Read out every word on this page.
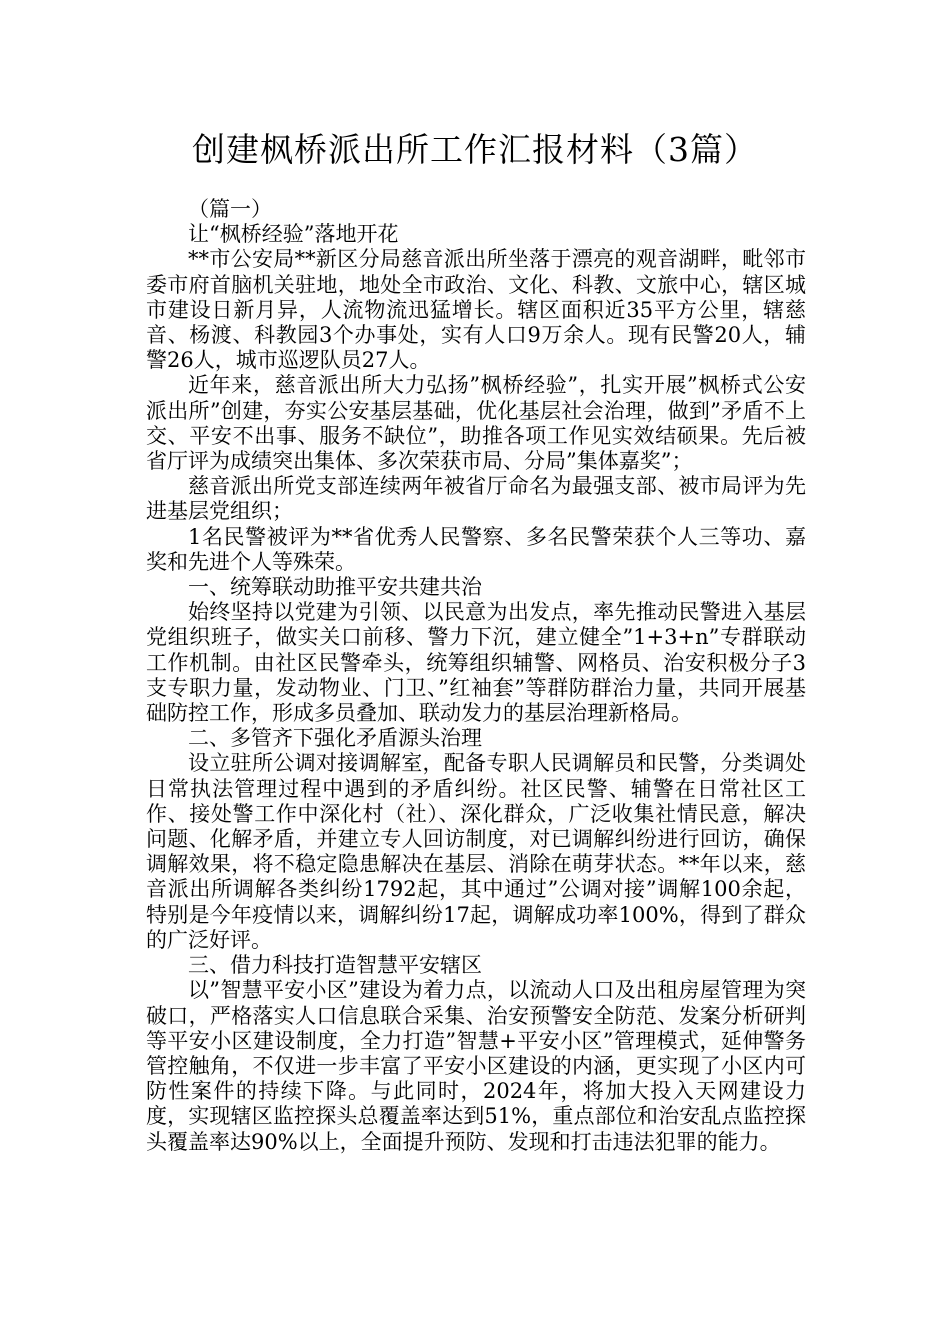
创建枫桥派出所工作汇报材料（3篇）

（篇一）

让“枫桥经验”落地开花

**市公安局**新区分局慈音派出所坐落于漂亮的观音湖畔，毗邻市委市府首脑机关驻地，地处全市政治、文化、科教、文旅中心，辖区城市建设日新月异，人流物流迅猛增长。辖区面积近35平方公里，辖慈音、杨渡、科教园3个办事处，实有人口9万余人。现有民警20人，辅警26人，城市巡逻队员27人。

近年来，慈音派出所大力弘扬”枫桥经验”，扎实开展”枫桥式公安派出所”创建，夯实公安基层基础，优化基层社会治理，做到”矛盾不上交、平安不出事、服务不缺位”，助推各项工作见实效结硕果。先后被省厅评为成绩突出集体、多次荣获市局、分局”集体嘉奖”；

慈音派出所党支部连续两年被省厅命名为最强支部、被市局评为先进基层党组织；

1名民警被评为**省优秀人民警察、多名民警荣获个人三等功、嘉奖和先进个人等殊荣。

一、统筹联动助推平安共建共治

始终坚持以党建为引领、以民意为出发点，率先推动民警进入基层党组织班子，做实关口前移、警力下沉，建立健全”1+3+n”专群联动工作机制。由社区民警牵头，统筹组织辅警、网格员、治安积极分子3支专职力量，发动物业、门卫、”红袖套”等群防群治力量，共同开展基础防控工作，形成多员叠加、联动发力的基层治理新格局。

二、多管齐下强化矛盾源头治理

设立驻所公调对接调解室，配备专职人民调解员和民警，分类调处日常执法管理过程中遇到的矛盾纠纷。社区民警、辅警在日常社区工作、接处警工作中深化村（社）、深化群众，广泛收集社情民意，解决问题、化解矛盾，并建立专人回访制度，对已调解纠纷进行回访，确保调解效果，将不稳定隐患解决在基层、消除在萌芽状态。**年以来，慈音派出所调解各类纠纷1792起，其中通过”公调对接”调解100余起，特别是今年疫情以来，调解纠纷17起，调解成功率100%，得到了群众的广泛好评。

三、借力科技打造智慧平安辖区

以”智慧平安小区”建设为着力点，以流动人口及出租房屋管理为突破口，严格落实人口信息联合采集、治安预警安全防范、发案分析研判等平安小区建设制度，全力打造”智慧+平安小区”管理模式，延伸警务管控触角，不仅进一步丰富了平安小区建设的内涵，更实现了小区内可防性案件的持续下降。与此同时，2024年，将加大投入天网建设力度，实现辖区监控探头总覆盖率达到51%，重点部位和治安乱点监控探头覆盖率达90%以上，全面提升预防、发现和打击违法犯罪的能力。
